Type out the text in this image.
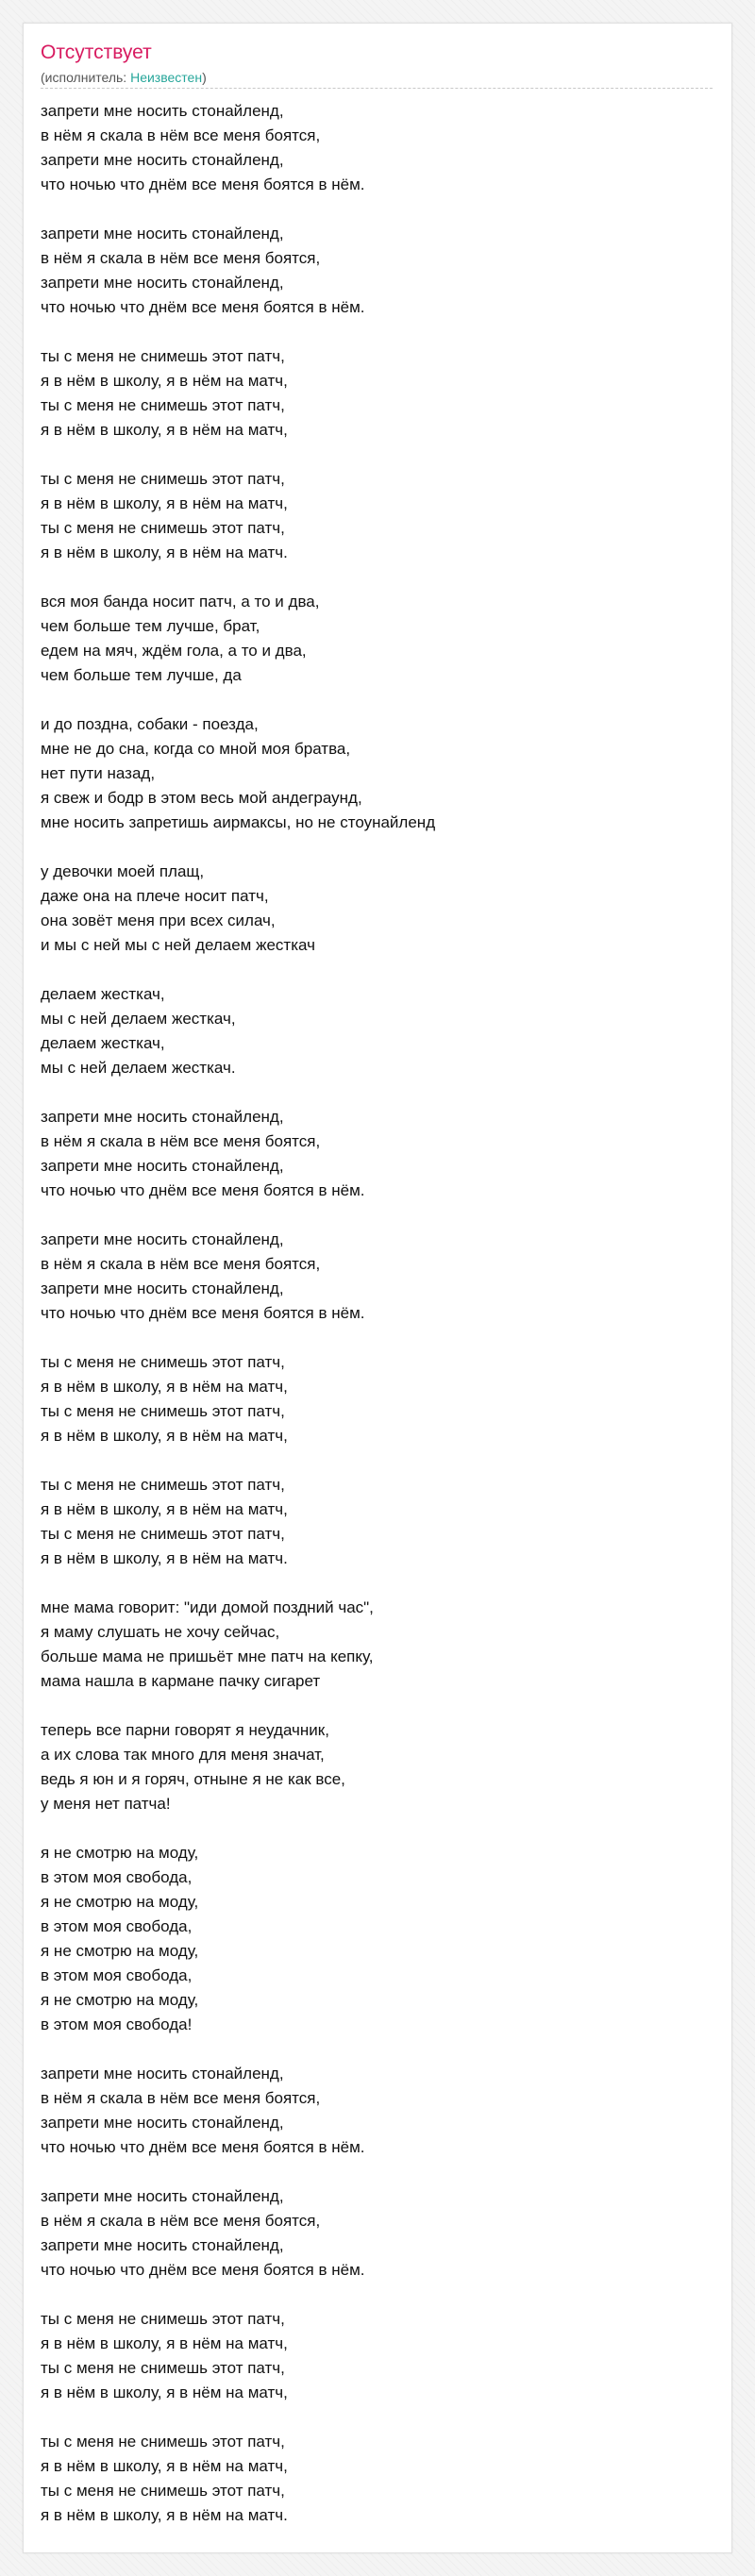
Отсутствует
(исполнитель: Неизвестен)
запрети мне носить стонайленд,
в нём я скала в нём все меня боятся,
запрети мне носить стонайленд,
что ночью что днём все меня боятся в нём.
запрети мне носить стонайленд,
в нём я скала в нём все меня боятся,
запрети мне носить стонайленд,
что ночью что днём все меня боятся в нём.
ты с меня не снимешь этот патч,
я в нём в школу, я в нём на матч,
ты с меня не снимешь этот патч,
я в нём в школу, я в нём на матч,
ты с меня не снимешь этот патч,
я в нём в школу, я в нём на матч,
ты с меня не снимешь этот патч,
я в нём в школу, я в нём на матч.
вся моя банда носит патч, а то и два,
чем больше тем лучше, брат,
едем на мяч, ждём гола, а то и два,
чем больше тем лучше, да
и до поздна, собаки - поезда,
мне не до сна, когда со мной моя братва,
нет пути назад,
я свеж и бодр в этом весь мой андеграунд,
мне носить запретишь аирмаксы, но не стоунайленд
у девочки моей плащ,
даже она на плече носит патч,
она зовёт меня при всех силач,
и мы с ней мы с ней делаем жесткач
делаем жесткач,
мы с ней делаем жесткач,
делаем жесткач,
мы с ней делаем жесткач.
запрети мне носить стонайленд,
в нём я скала в нём все меня боятся,
запрети мне носить стонайленд,
что ночью что днём все меня боятся в нём.
запрети мне носить стонайленд,
в нём я скала в нём все меня боятся,
запрети мне носить стонайленд,
что ночью что днём все меня боятся в нём.
ты с меня не снимешь этот патч,
я в нём в школу, я в нём на матч,
ты с меня не снимешь этот патч,
я в нём в школу, я в нём на матч,
ты с меня не снимешь этот патч,
я в нём в школу, я в нём на матч,
ты с меня не снимешь этот патч,
я в нём в школу, я в нём на матч.
мне мама говорит: "иди домой поздний час",
я маму слушать не хочу сейчас,
больше мама не пришьёт мне патч на кепку,
мама нашла в кармане пачку сигарет
теперь все парни говорят я неудачник,
а их слова так много для меня значат,
ведь я юн и я горяч, отныне я не как все,
у меня нет патча!
я не смотрю на моду,
в этом моя свобода,
я не смотрю на моду,
в этом моя свобода,
я не смотрю на моду,
в этом моя свобода,
я не смотрю на моду,
в этом моя свобода!
запрети мне носить стонайленд,
в нём я скала в нём все меня боятся,
запрети мне носить стонайленд,
что ночью что днём все меня боятся в нём.
запрети мне носить стонайленд,
в нём я скала в нём все меня боятся,
запрети мне носить стонайленд,
что ночью что днём все меня боятся в нём.
ты с меня не снимешь этот патч,
я в нём в школу, я в нём на матч,
ты с меня не снимешь этот патч,
я в нём в школу, я в нём на матч,
ты с меня не снимешь этот патч,
я в нём в школу, я в нём на матч,
ты с меня не снимешь этот патч,
я в нём в школу, я в нём на матч.
